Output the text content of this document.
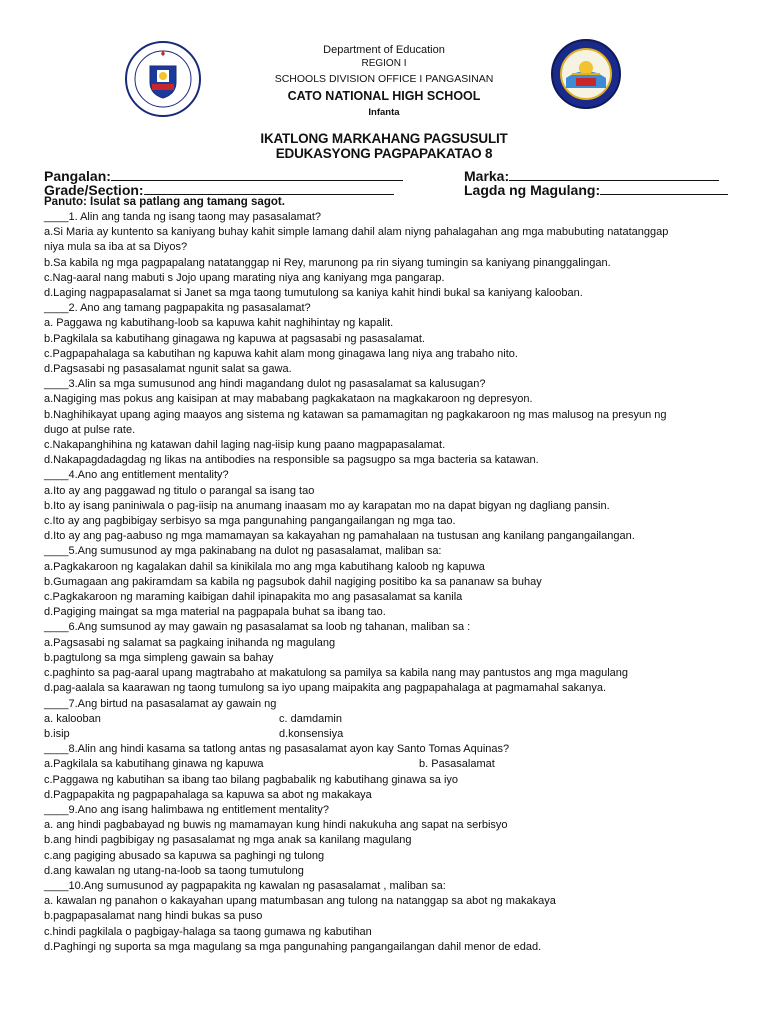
Department of Education
REGION I
SCHOOLS DIVISION OFFICE I PANGASINAN
CATO NATIONAL HIGH SCHOOL
Infanta
IKATLONG MARKAHANG PAGSUSULIT
EDUKASYONG PAGPAPAKATAO 8
Pangalan:	Marka:
Grade/Section:	Lagda ng Magulang:
Panuto: Isulat sa patlang ang tamang sagot.
____1. Alin ang tanda ng isang taong may pasasalamat?
a.Si Maria ay kuntento sa kaniyang buhay kahit simple lamang dahil alam niyng pahalagahan ang mga mabubuting natatanggap
niya mula sa iba at sa Diyos?
b.Sa kabila ng mga pagpapalang natatanggap ni Rey, marunong pa rin siyang tumingin sa kaniyang pinanggalingan.
c.Nag-aaral nang mabuti s Jojo upang marating niya ang kaniyang mga pangarap.
d.Laging nagpapasalamat si Janet sa mga taong tumutulong sa kaniya kahit hindi bukal sa kaniyang kalooban.
____2. Ano ang tamang pagpapakita ng pasasalamat?
a. Paggawa ng kabutihang-loob sa kapuwa kahit naghihintay ng kapalit.
b.Pagkilala sa kabutihang ginagawa ng kapuwa at pagsasabi ng pasasalamat.
c.Pagpapahalaga sa kabutihan ng kapuwa kahit alam mong ginagawa lang niya ang trabaho nito.
d.Pagsasabi ng pasasalamat ngunit salat sa gawa.
____3.Alin sa mga sumusunod ang hindi magandang dulot ng pasasalamat sa kalusugan?
a.Nagiging mas pokus ang kaisipan at may mababang pagkakataon na magkakaroon ng depresyon.
b.Naghihikayat upang aging maayos ang sistema ng katawan sa pamamagitan ng pagkakaroon ng mas malusog na presyun ng
dugo at pulse rate.
c.Nakapanghihina ng katawan dahil laging nag-iisip kung paano magpapasalamat.
d.Nakapagdadagdag ng likas na antibodies na responsible sa pagsugpo sa mga bacteria sa katawan.
____4.Ano ang entitlement mentality?
a.Ito ay ang paggawad ng titulo o parangal sa isang tao
b.Ito ay isang paniniwala o pag-iisip na anumang inaasam mo ay karapatan mo na dapat bigyan ng dagliang pansin.
c.Ito ay ang pagbibigay serbisyo sa mga pangunahing pangangailangan ng mga tao.
d.Ito ay ang pag-aabuso ng mga mamamayan sa kakayahan ng pamahalaan na tustusan ang kanilang pangangailangan.
____5.Ang sumusunod ay mga pakinabang na dulot ng pasasalamat, maliban sa:
a.Pagkakaroon ng kagalakan dahil sa kinikilala mo ang mga kabutihang kaloob ng kapuwa
b.Gumagaan ang pakiramdam sa kabila ng pagsubok dahil nagiging positibo ka sa pananaw sa buhay
c.Pagkakaroon ng maraming kaibigan dahil ipinapakita mo ang pasasalamat sa kanila
d.Pagiging maingat sa mga material na pagpapala buhat sa ibang tao.
____6.Ang sumsunod ay may gawain ng pasasalamat sa loob ng tahanan, maliban sa :
a.Pagsasabi ng salamat sa pagkaing inihanda ng magulang
b.pagtulong sa mga simpleng gawain sa bahay
c.paghinto sa pag-aaral upang magtrabaho at makatulong sa pamilya sa kabila nang may pantustos ang mga magulang
d.pag-aalala sa kaarawan ng taong tumulong sa iyo upang maipakita ang pagpapahalaga at pagmamahal sakanya.
____7.Ang birtud na pasasalamat ay gawain ng
a. kalooban	c. damdamin

b.isip	d.konsensiya

____8.Alin ang hindi kasama sa tatlong antas ng pasasalamat ayon kay Santo Tomas Aquinas?
a.Pagkilala sa kabutihang ginawa ng kapuwa	b. Pasasalamat

c.Paggawa ng kabutihan sa ibang tao bilang pagbabalik ng kabutihang ginawa sa iyo
d.Pagpapakita ng pagpapahalaga sa kapuwa sa abot ng makakaya
____9.Ano ang isang halimbawa ng entitlement mentality?
a. ang hindi pagbabayad ng buwis ng mamamayan kung hindi nakukuha ang sapat na serbisyo
b.ang hindi pagbibigay ng pasasalamat ng mga anak sa kanilang magulang
c.ang pagiging abusado sa kapuwa sa paghingi ng tulong
d.ang kawalan ng utang-na-loob sa taong tumutulong
____10.Ang sumusunod ay pagpapakita ng kawalan ng pasasalamat , maliban sa:
a. kawalan ng panahon o kakayahan upang matumbasan ang tulong na natanggap sa abot ng makakaya
b.pagpapasalamat nang hindi bukas sa puso
c.hindi pagkilala o pagbigay-halaga sa taong gumawa ng kabutihan
d.Paghingi ng suporta sa mga magulang sa mga pangunahing pangangailangan dahil menor de edad.
